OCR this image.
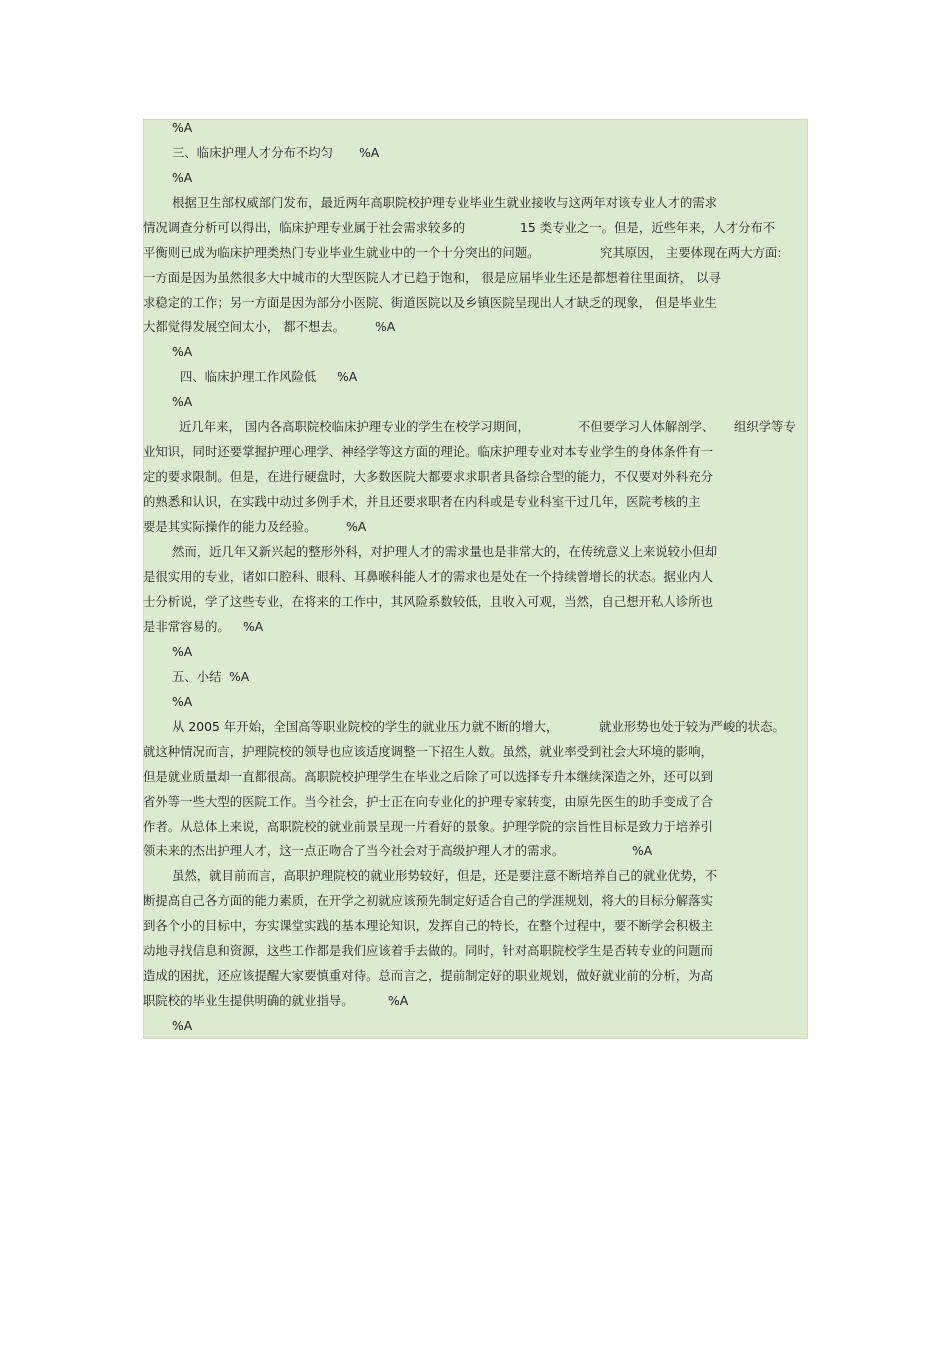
%A
三、临床护理人才分布不均匀 %A
%A
根据卫生部权威部门发布，最近两年高职院校护理专业毕业生就业接收与这两年对该专业人才的需求
情况调查分析可以得出，临床护理专业属于社会需求较多的	15 类专业之一。但是，近些年来，人才分布不
平衡则已成为临床护理类热门专业毕业生就业中的一个十分突出的问题。	究其原因， 主要体现在两大方面:
一方面是因为虽然很多大中城市的大型医院人才已趋于饱和， 很是应届毕业生还是都想着往里面挤， 以寻
求稳定的工作；另一方面是因为部分小医院、街道医院以及乡镇医院呈现出人才缺乏的现象， 但是毕业生
大都觉得发展空间太小， 都不想去。 %A
%A
四、临床护理工作风险低 %A
%A
近几年来， 国内各高职院校临床护理专业的学生在校学习期间，	不但要学习人体解剖学、 组织学等专
业知识，同时还要掌握护理心理学、神经学等这方面的理论。临床护理专业对本专业学生的身体条件有一
定的要求限制。但是，在进行硬盘时，大多数医院大都要求求职者具备综合型的能力，不仅要对外科充分
的熟悉和认识，在实践中动过多例手术，并且还要求职者在内科或是专业科室干过几年，医院考核的主
要是其实际操作的能力及经验。 %A
然而，近几年又新兴起的整形外科，对护理人才的需求量也是非常大的，在传统意义上来说较小但却
是很实用的专业，诸如口腔科、眼科、耳鼻喉科能人才的需求也是处在一个持续曾增长的状态。据业内人
士分析说，学了这些专业，在将来的工作中，其风险系数较低，且收入可观，当然，自己想开私人诊所也
是非常容易的。 %A
%A
五、小结 %A
%A
从 2005 年开始，全国高等职业院校的学生的就业压力就不断的增大，	就业形势也处于较为严峻的状态。
就这种情况而言，护理院校的领导也应该适度调整一下招生人数。虽然，就业率受到社会大环境的影响，
但是就业质量却一直都很高。高职院校护理学生在毕业之后除了可以选择专升本继续深造之外，还可以到
省外等一些大型的医院工作。当今社会，护士正在向专业化的护理专家转变，由原先医生的助手变成了合
作者。从总体上来说，高职院校的就业前景呈现一片看好的景象。护理学院的宗旨性目标是致力于培养引
领未来的杰出护理人才，这一点正吻合了当今社会对于高级护理人才的需求。	%A
虽然，就目前而言，高职护理院校的就业形势较好，但是，还是要注意不断培养自己的就业优势，不
断提高自己各方面的能力素质，在开学之初就应该预先制定好适合自己的学涯规划，将大的目标分解落实
到各个小的目标中，夯实课堂实践的基本理论知识，发挥自己的特长，在整个过程中，要不断学会积极主
动地寻找信息和资源，这些工作都是我们应该着手去做的。同时，针对高职院校学生是否转专业的问题而
造成的困扰，还应该提醒大家要慎重对待。总而言之，提前制定好的职业规划，做好就业前的分析，为高
职院校的毕业生提供明确的就业指导。	%A
%A
